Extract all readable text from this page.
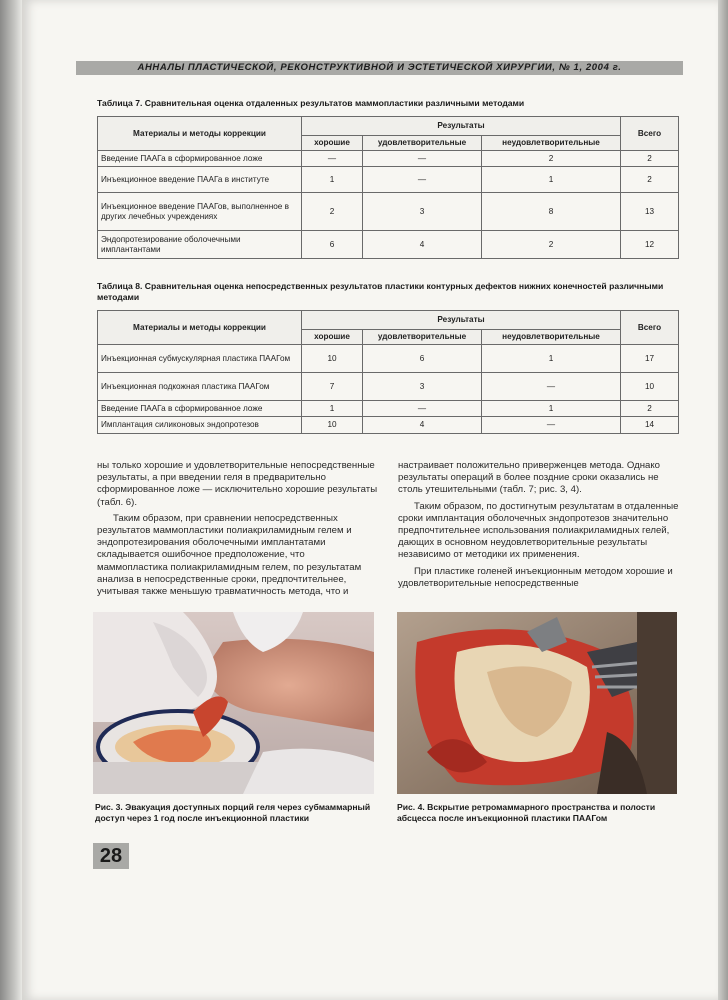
АННАЛЫ ПЛАСТИЧЕСКОЙ, РЕКОНСТРУКТИВНОЙ И ЭСТЕТИЧЕСКОЙ ХИРУРГИИ, № 1, 2004 г.
Таблица 7. Сравнительная оценка отдаленных результатов маммопластики различными методами
Материалы и методы коррекции	Результаты			Всего
	хорошие	удовлетворительные	неудовлетворительные	
Введение ПААГа в сформированное ложе	—	—	2	2
Инъекционное введение ПААГа в институте	1	—	1	2
Инъекционное введение ПААГов, выполненное в других лечебных учреждениях	2	3	8	13
Эндопротезирование оболочечными имплантантами	6	4	2	12
Таблица 8. Сравнительная оценка непосредственных результатов пластики контурных дефектов нижних конечностей различными методами
Материалы и методы коррекции	Результаты			Всего
	хорошие	удовлетворительные	неудовлетворительные	
Инъекционная субмускулярная пластика ПААГом	10	6	1	17
Инъекционная подкожная пластика ПААГом	7	3	—	10
Введение ПААГа в сформированное ложе	1	—	1	2
Имплантация силиконовых эндопротезов	10	4	—	14

ны только хорошие и удовлетворительные непосредственные результаты, а при введении геля в предварительно сформированное ложе — исключительно хорошие результаты (табл. 6).

Таким образом, при сравнении непосредственных результатов маммопластики полиакриламидным гелем и эндопротезирования оболочечными имплантатами складывается ошибочное предположение, что маммопластика полиакриламидным гелем, по результатам анализа в непосредственные сроки, предпочтительнее, учитывая также меньшую травматичность метода, что и

настраивает положительно приверженцев метода. Однако результаты операций в более поздние сроки оказались не столь утешительными (табл. 7; рис. 3, 4).

Таким образом, по достигнутым результатам в отдаленные сроки имплантация оболочечных эндопротезов значительно предпочтительнее использования полиакриламидных гелей, дающих в основном неудовлетворительные результаты независимо от методики их применения.

При пластике голеней инъекционным методом хорошие и удовлетворительные непосредственные

Рис. 3. Эвакуация доступных порций геля через субмаммарный доступ через 1 год после инъекционной пластики
Рис. 4. Вскрытие ретромаммарного пространства и полости абсцесса после инъекционной пластики ПААГом
28
